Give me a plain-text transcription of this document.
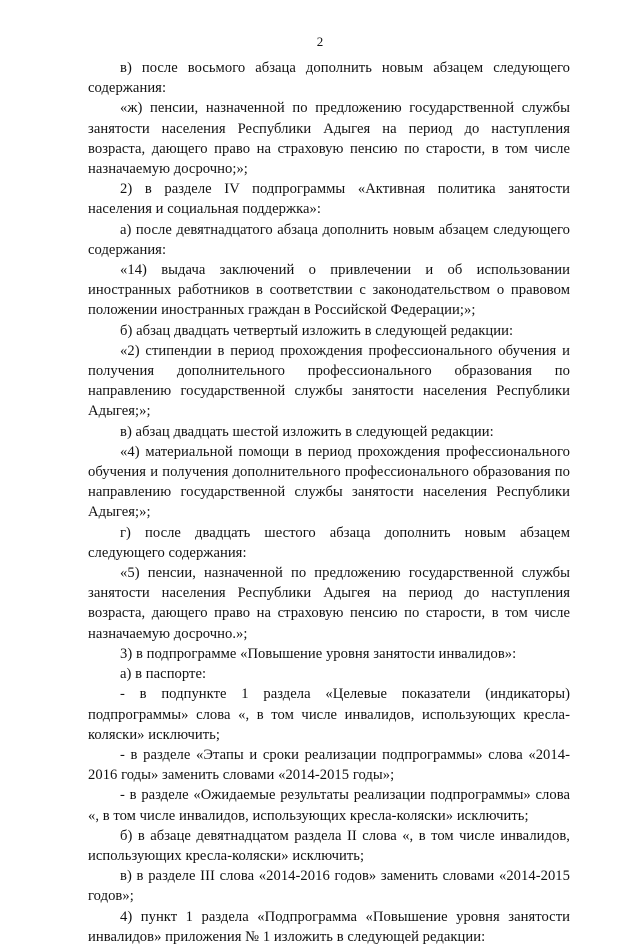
2

в) после восьмого абзаца дополнить новым абзацем следующего содержания:

«ж) пенсии, назначенной по предложению государственной службы занятости населения Республики Адыгея на период до наступления возраста, дающего право на страховую пенсию по старости, в том числе назначаемую досрочно;»;

2) в разделе IV подпрограммы «Активная политика занятости населения и социальная поддержка»:

а) после девятнадцатого абзаца дополнить новым абзацем следующего содержания:

«14) выдача заключений о привлечении и об использовании иностранных работников в соответствии с законодательством о правовом положении иностранных граждан в Российской Федерации;»;

б) абзац двадцать четвертый изложить в следующей редакции:

«2) стипендии в период прохождения профессионального обучения и получения дополнительного профессионального образования по направлению государственной службы занятости населения Республики Адыгея;»;

в) абзац двадцать шестой изложить в следующей редакции:

«4) материальной помощи в период прохождения профессионального обучения и получения дополнительного профессионального образования по направлению государственной службы занятости населения Республики Адыгея;»;

г) после двадцать шестого абзаца дополнить новым абзацем следующего содержания:

«5) пенсии, назначенной по предложению государственной службы занятости населения Республики Адыгея на период до наступления возраста, дающего право на страховую пенсию по старости, в том числе назначаемую досрочно.»;

3) в подпрограмме «Повышение уровня занятости инвалидов»:

а) в паспорте:

- в подпункте 1 раздела «Целевые показатели (индикаторы) подпрограммы» слова «, в том числе инвалидов, использующих кресла-коляски» исключить;

- в разделе «Этапы и сроки реализации подпрограммы» слова «2014-2016 годы» заменить словами «2014-2015 годы»;

- в разделе «Ожидаемые результаты реализации подпрограммы» слова «, в том числе инвалидов, использующих кресла-коляски» исключить;

б) в абзаце девятнадцатом раздела II слова «, в том числе инвалидов, использующих кресла-коляски» исключить;

в) в разделе III слова «2014-2016 годов» заменить словами «2014-2015 годов»;

4) пункт 1 раздела «Подпрограмма «Повышение уровня занятости инвалидов» приложения № 1 изложить в следующей редакции:
